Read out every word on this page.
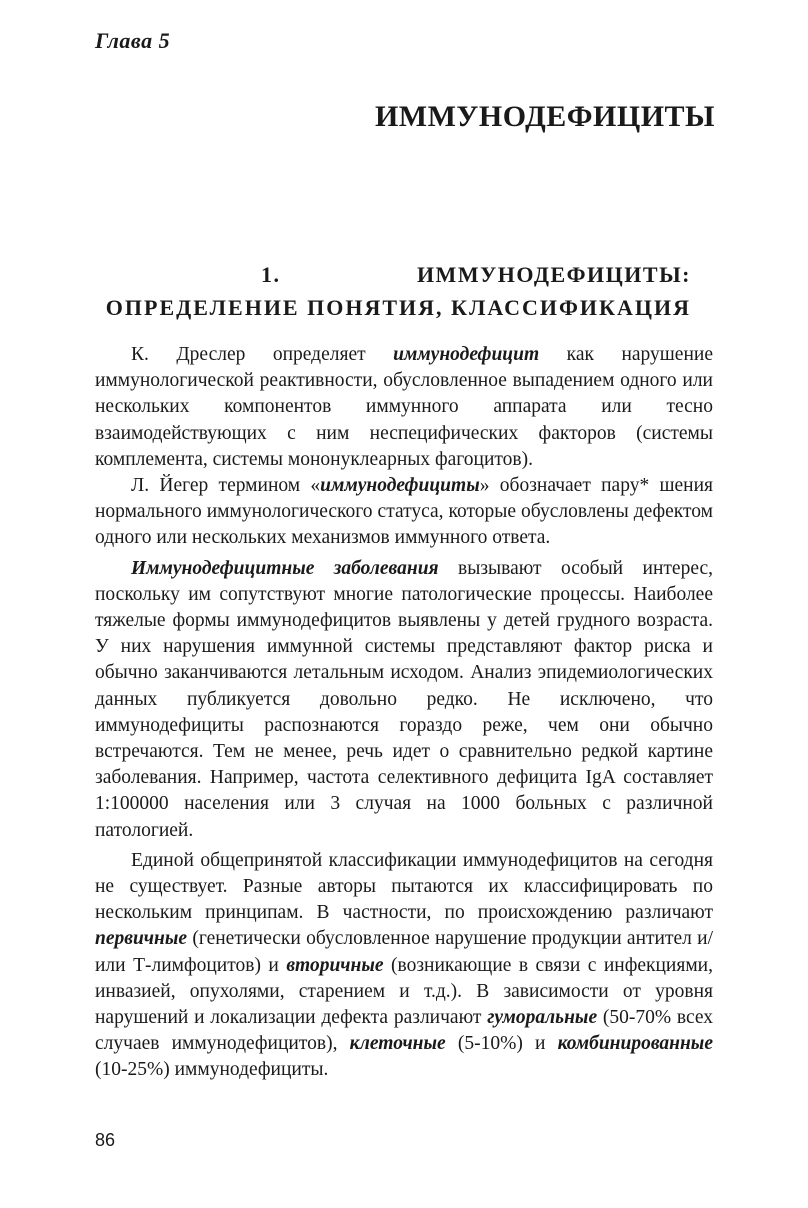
Глава 5
ИММУНОДЕФИЦИТЫ
1.	ИММУНОДЕФИЦИТЫ:
ОПРЕДЕЛЕНИЕ ПОНЯТИЯ, КЛАССИФИКАЦИЯ

К. Дреслер определяет иммунодефицит как нарушение иммунологической реактивности, обусловленное выпадением одного или нескольких компонентов иммунного аппарата или тесно взаимодействующих с ним неспецифических факторов (системы комплемента, системы мононуклеарных фагоцитов).

Л. Йегер термином «иммунодефициты» обозначает пару* шения нормального иммунологического статуса, которые обусловлены дефектом одного или нескольких механизмов иммунного ответа.

Иммунодефицитные заболевания вызывают особый интерес, поскольку им сопутствуют многие патологические процессы. Наиболее тяжелые формы иммунодефицитов выявлены у детей грудного возраста. У них нарушения иммунной системы представляют фактор риска и обычно заканчиваются летальным исходом. Анализ эпидемиологических данных публикуется довольно редко. Не исключено, что иммунодефициты распознаются гораздо реже, чем они обычно встречаются. Тем не менее, речь идет о сравнительно редкой картине заболевания. Например, частота селективного дефицита IgA составляет 1:100000 населения или 3 случая на 1000 больных с различной патологией.

Единой общепринятой классификации иммунодефицитов на сегодня не существует. Разные авторы пытаются их классифицировать по нескольким принципам. В частности, по происхождению различают первичные (генетически обусловленное нарушение продукции антител и/или Т-лимфоцитов) и вторичные (возникающие в связи с инфекциями, инвазией, опухолями, старением и т.д.). В зависимости от уровня нарушений и локализации дефекта различают гуморальные (50-70% всех случаев иммунодефицитов), клеточные (5-10%) и комбинированные (10-25%) иммунодефициты.

86
